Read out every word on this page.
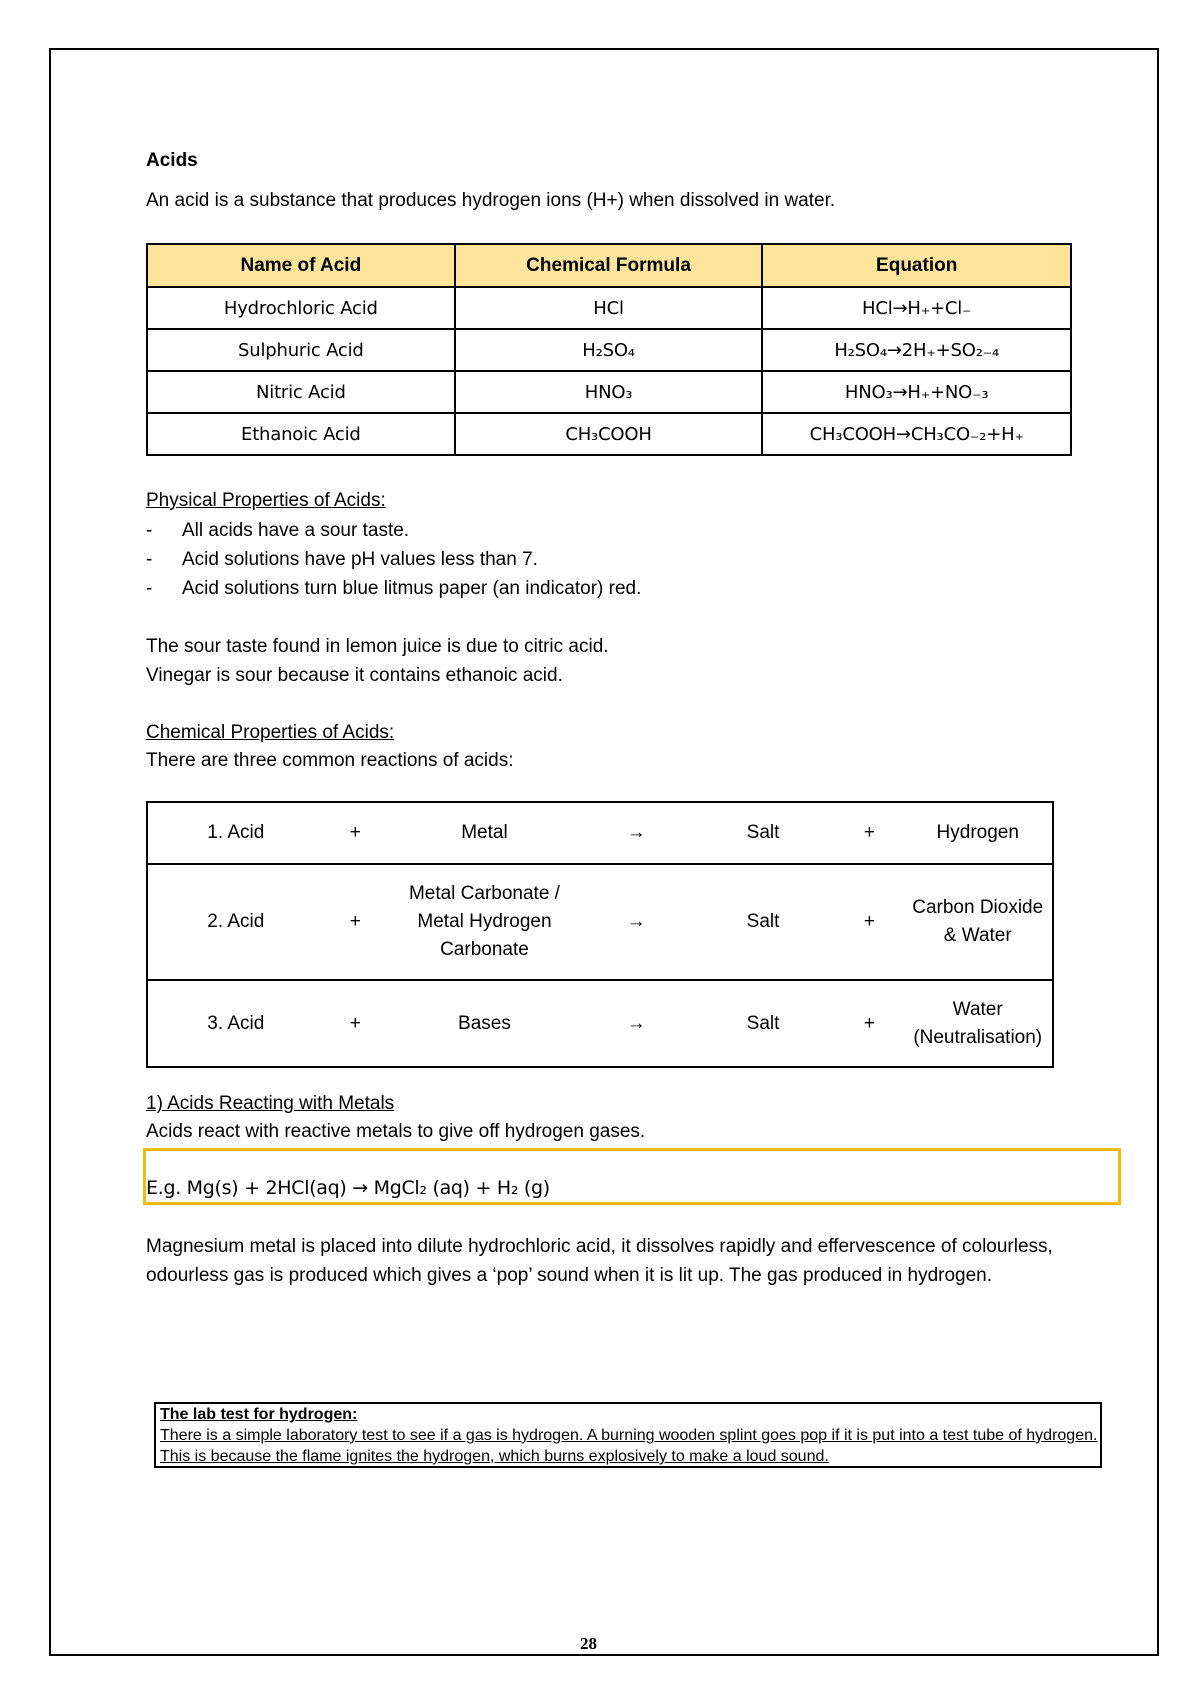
Acids
An acid is a substance that produces hydrogen ions (H+) when dissolved in water.
Name of Acid	Chemical Formula	Equation
Hydrochloric Acid	HCl	HCl→H₊+Cl₋
Sulphuric Acid	H₂SO₄	H₂SO₄→2H₊+SO₂₋₄
Nitric Acid	HNO₃	HNO₃→H₊+NO₋₃
Ethanoic Acid	CH₃COOH	CH₃COOH→CH₃CO₋₂+H₊
Physical Properties of Acids:
- All acids have a sour taste.
- Acid solutions have pH values less than 7.
- Acid solutions turn blue litmus paper (an indicator) red.
The sour taste found in lemon juice is due to citric acid.
Vinegar is sour because it contains ethanoic acid.
Chemical Properties of Acids:
There are three common reactions of acids:
1. Acid	+	Metal	→	Salt	+	Hydrogen
2. Acid	+	Metal Carbonate / Metal Hydrogen Carbonate	→	Salt	+	Carbon Dioxide & Water
3. Acid	+	Bases	→	Salt	+	Water (Neutralisation)
1) Acids Reacting with Metals
Acids react with reactive metals to give off hydrogen gases.
E.g. Mg(s) + 2HCl(aq) → MgCl₂ (aq) + H₂ (g)
Magnesium metal is placed into dilute hydrochloric acid, it dissolves rapidly and effervescence of colourless, odourless gas is produced which gives a ‘pop’ sound when it is lit up. The gas produced in hydrogen.
The lab test for hydrogen:
There is a simple laboratory test to see if a gas is hydrogen. A burning wooden splint goes pop if it is put into a test tube of hydrogen. This is because the flame ignites the hydrogen, which burns explosively to make a loud sound.
28
